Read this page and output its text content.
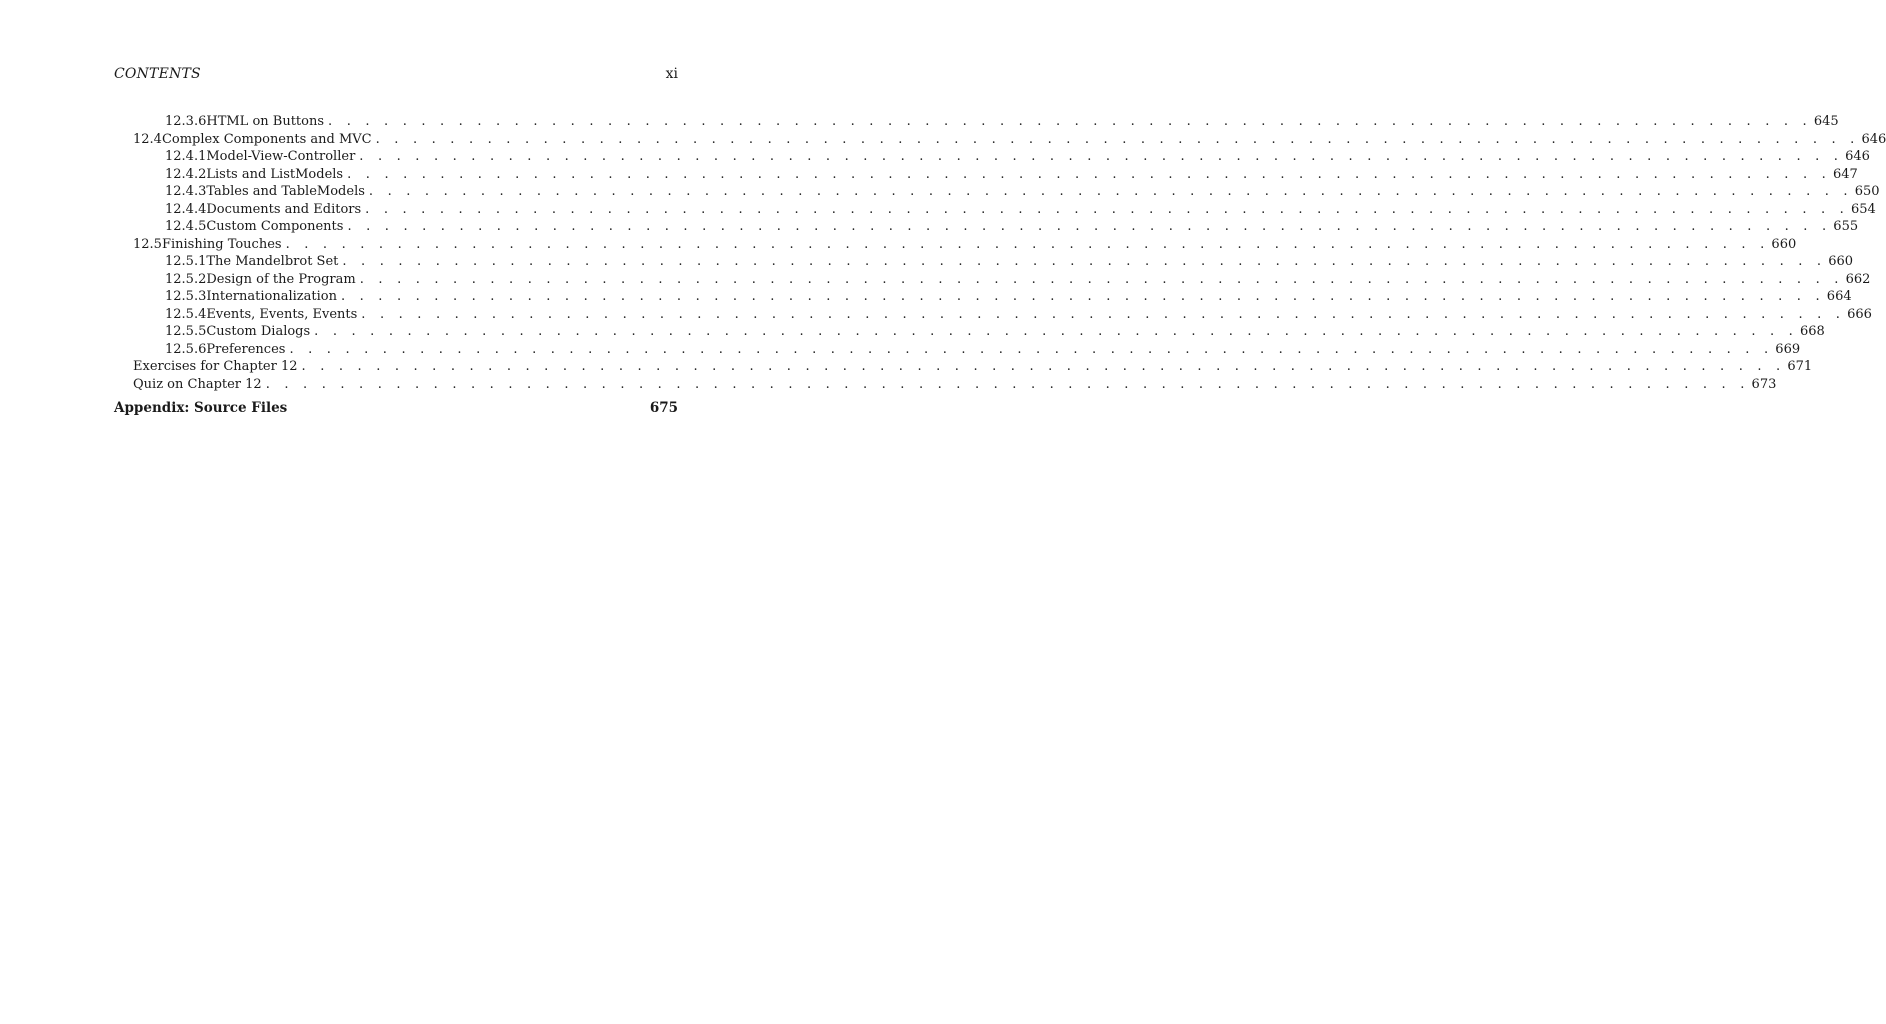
CONTENTS	xi
12.3.6 HTML on Buttons . . . . . . . . . . . . . . . . . . . . . . . . . . . . . . . . . . . . . . . . . . . . . . . . . . . . . . . . . . . . . . . . . . . . . . . . . . . . . . . . 645
12.4 Complex Components and MVC . . . . . . . . . . . . . . . . . . . . . . . . . . . . . . . . . . . . . . . . . . . . . . . . . . . . . . . . . . . . . . . . . . . . . . . . . . . . . . . . 646
12.4.1 Model-View-Controller . . . . . . . . . . . . . . . . . . . . . . . . . . . . . . . . . . . . . . . . . . . . . . . . . . . . . . . . . . . . . . . . . . . . . . . . . . . . . . . . 646
12.4.2 Lists and ListModels . . . . . . . . . . . . . . . . . . . . . . . . . . . . . . . . . . . . . . . . . . . . . . . . . . . . . . . . . . . . . . . . . . . . . . . . . . . . . . . . 647
12.4.3 Tables and TableModels . . . . . . . . . . . . . . . . . . . . . . . . . . . . . . . . . . . . . . . . . . . . . . . . . . . . . . . . . . . . . . . . . . . . . . . . . . . . . . . . 650
12.4.4 Documents and Editors . . . . . . . . . . . . . . . . . . . . . . . . . . . . . . . . . . . . . . . . . . . . . . . . . . . . . . . . . . . . . . . . . . . . . . . . . . . . . . . . 654
12.4.5 Custom Components . . . . . . . . . . . . . . . . . . . . . . . . . . . . . . . . . . . . . . . . . . . . . . . . . . . . . . . . . . . . . . . . . . . . . . . . . . . . . . . . 655
12.5 Finishing Touches . . . . . . . . . . . . . . . . . . . . . . . . . . . . . . . . . . . . . . . . . . . . . . . . . . . . . . . . . . . . . . . . . . . . . . . . . . . . . . . . 660
12.5.1 The Mandelbrot Set . . . . . . . . . . . . . . . . . . . . . . . . . . . . . . . . . . . . . . . . . . . . . . . . . . . . . . . . . . . . . . . . . . . . . . . . . . . . . . . . 660
12.5.2 Design of the Program . . . . . . . . . . . . . . . . . . . . . . . . . . . . . . . . . . . . . . . . . . . . . . . . . . . . . . . . . . . . . . . . . . . . . . . . . . . . . . . . 662
12.5.3 Internationalization . . . . . . . . . . . . . . . . . . . . . . . . . . . . . . . . . . . . . . . . . . . . . . . . . . . . . . . . . . . . . . . . . . . . . . . . . . . . . . . . 664
12.5.4 Events, Events, Events . . . . . . . . . . . . . . . . . . . . . . . . . . . . . . . . . . . . . . . . . . . . . . . . . . . . . . . . . . . . . . . . . . . . . . . . . . . . . . . . 666
12.5.5 Custom Dialogs . . . . . . . . . . . . . . . . . . . . . . . . . . . . . . . . . . . . . . . . . . . . . . . . . . . . . . . . . . . . . . . . . . . . . . . . . . . . . . . . 668
12.5.6 Preferences . . . . . . . . . . . . . . . . . . . . . . . . . . . . . . . . . . . . . . . . . . . . . . . . . . . . . . . . . . . . . . . . . . . . . . . . . . . . . . . . 669
Exercises for Chapter 12 . . . . . . . . . . . . . . . . . . . . . . . . . . . . . . . . . . . . . . . . . . . . . . . . . . . . . . . . . . . . . . . . . . . . . . . . . . . . . . . . 671
Quiz on Chapter 12 . . . . . . . . . . . . . . . . . . . . . . . . . . . . . . . . . . . . . . . . . . . . . . . . . . . . . . . . . . . . . . . . . . . . . . . . . . . . . . . . 673
Appendix: Source Files	675
